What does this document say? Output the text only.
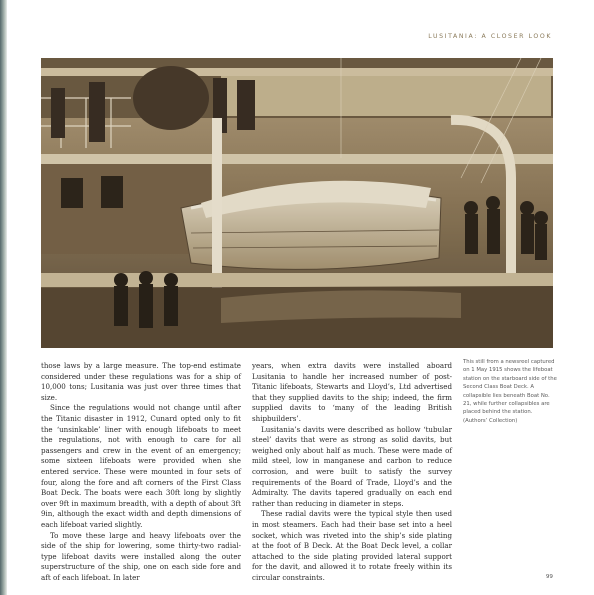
LUSITANIA: A CLOSER LOOK

those laws by a large measure. The top-end estimate considered under these regulations was for a ship of 10,000 tons; Lusitania was just over three times that size.

Since the regulations would not change until after the Titanic disaster in 1912, Cunard opted only to fit the ‘unsinkable’ liner with enough lifeboats to meet the regulations, not with enough to care for all passengers and crew in the event of an emergency; some sixteen lifeboats were provided when she entered service. These were mounted in four sets of four, along the fore and aft corners of the First Class Boat Deck. The boats were each 30ft long by slightly over 9ft in maximum breadth, with a depth of about 3ft 9in, although the exact width and depth dimensions of each lifeboat varied slightly.

To move these large and heavy lifeboats over the side of the ship for lowering, some thirty-two radial-type lifeboat davits were installed along the outer superstructure of the ship, one on each side fore and aft of each lifeboat. In later

years, when extra davits were installed aboard Lusitania to handle her increased number of post-Titanic lifeboats, Stewarts and Lloyd’s, Ltd advertised that they supplied davits to the ship; indeed, the firm supplied davits to ‘many of the leading British shipbuilders’.

Lusitania’s davits were described as hollow ‘tubular steel’ davits that were as strong as solid davits, but weighed only about half as much. These were made of mild steel, low in manganese and carbon to reduce corrosion, and were built to satisfy the survey requirements of the Board of Trade, Lloyd’s and the Admiralty. The davits tapered gradually on each end rather than reducing in diameter in steps.

These radial davits were the typical style then used in most steamers. Each had their base set into a heel socket, which was riveted into the ship’s side plating at the foot of B Deck. At the Boat Deck level, a collar attached to the side plating provided lateral support for the davit, and allowed it to rotate freely within its circular constraints.

This still from a newsreel captured on 1 May 1915 shows the lifeboat station on the starboard side of the Second Class Boat Deck. A collapsible lies beneath Boat No. 21, while further collapsibles are placed behind the station. (Authors’ Collection)

99
